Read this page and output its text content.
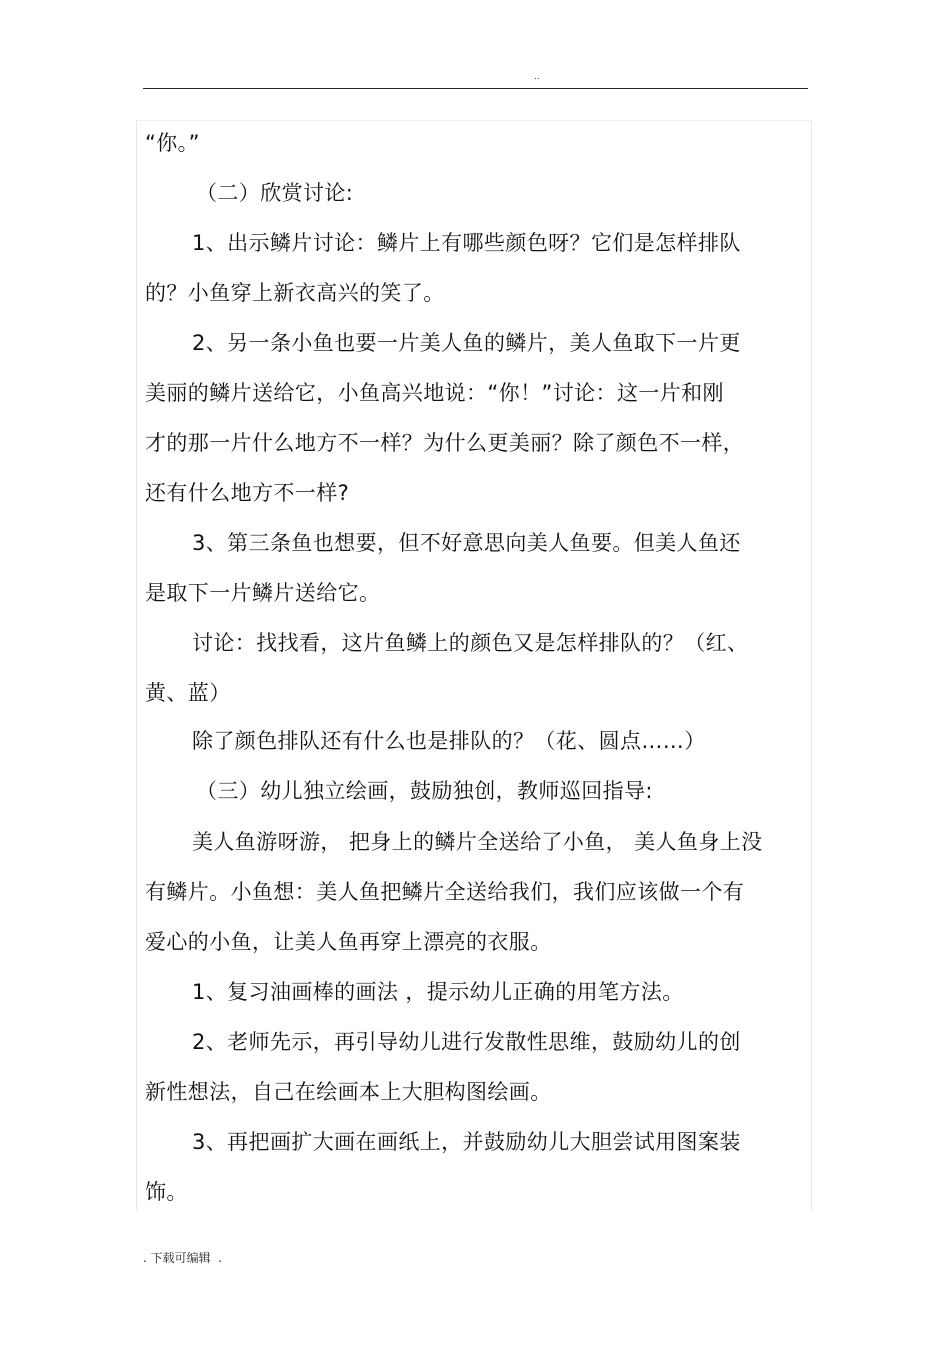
..
“你。”
（二）欣赏讨论:
1、出示鳞片讨论：鳞片上有哪些颜色呀？它们是怎样排队
的？小鱼穿上新衣高兴的笑了。
2、另一条小鱼也要一片美人鱼的鳞片，美人鱼取下一片更
美丽的鳞片送给它，小鱼高兴地说：“你！”讨论：这一片和刚
才的那一片什么地方不一样？为什么更美丽？除了颜色不一样，
还有什么地方不一样?
3、第三条鱼也想要，但不好意思向美人鱼要。但美人鱼还
是取下一片鳞片送给它。
讨论：找找看，这片鱼鳞上的颜色又是怎样排队的？（红、
黄、蓝）
除了颜色排队还有什么也是排队的？（花、圆点……）
（三）幼儿独立绘画，鼓励独创，教师巡回指导:
美人鱼游呀游， 把身上的鳞片全送给了小鱼， 美人鱼身上没
有鳞片。小鱼想：美人鱼把鳞片全送给我们，我们应该做一个有
爱心的小鱼，让美人鱼再穿上漂亮的衣服。
1、复习油画棒的画法 ，提示幼儿正确的用笔方法。
2、老师先示，再引导幼儿进行发散性思维，鼓励幼儿的创
新性想法，自己在绘画本上大胆构图绘画。
3、再把画扩大画在画纸上，并鼓励幼儿大胆尝试用图案装
饰。
. 下载可编辑  .
